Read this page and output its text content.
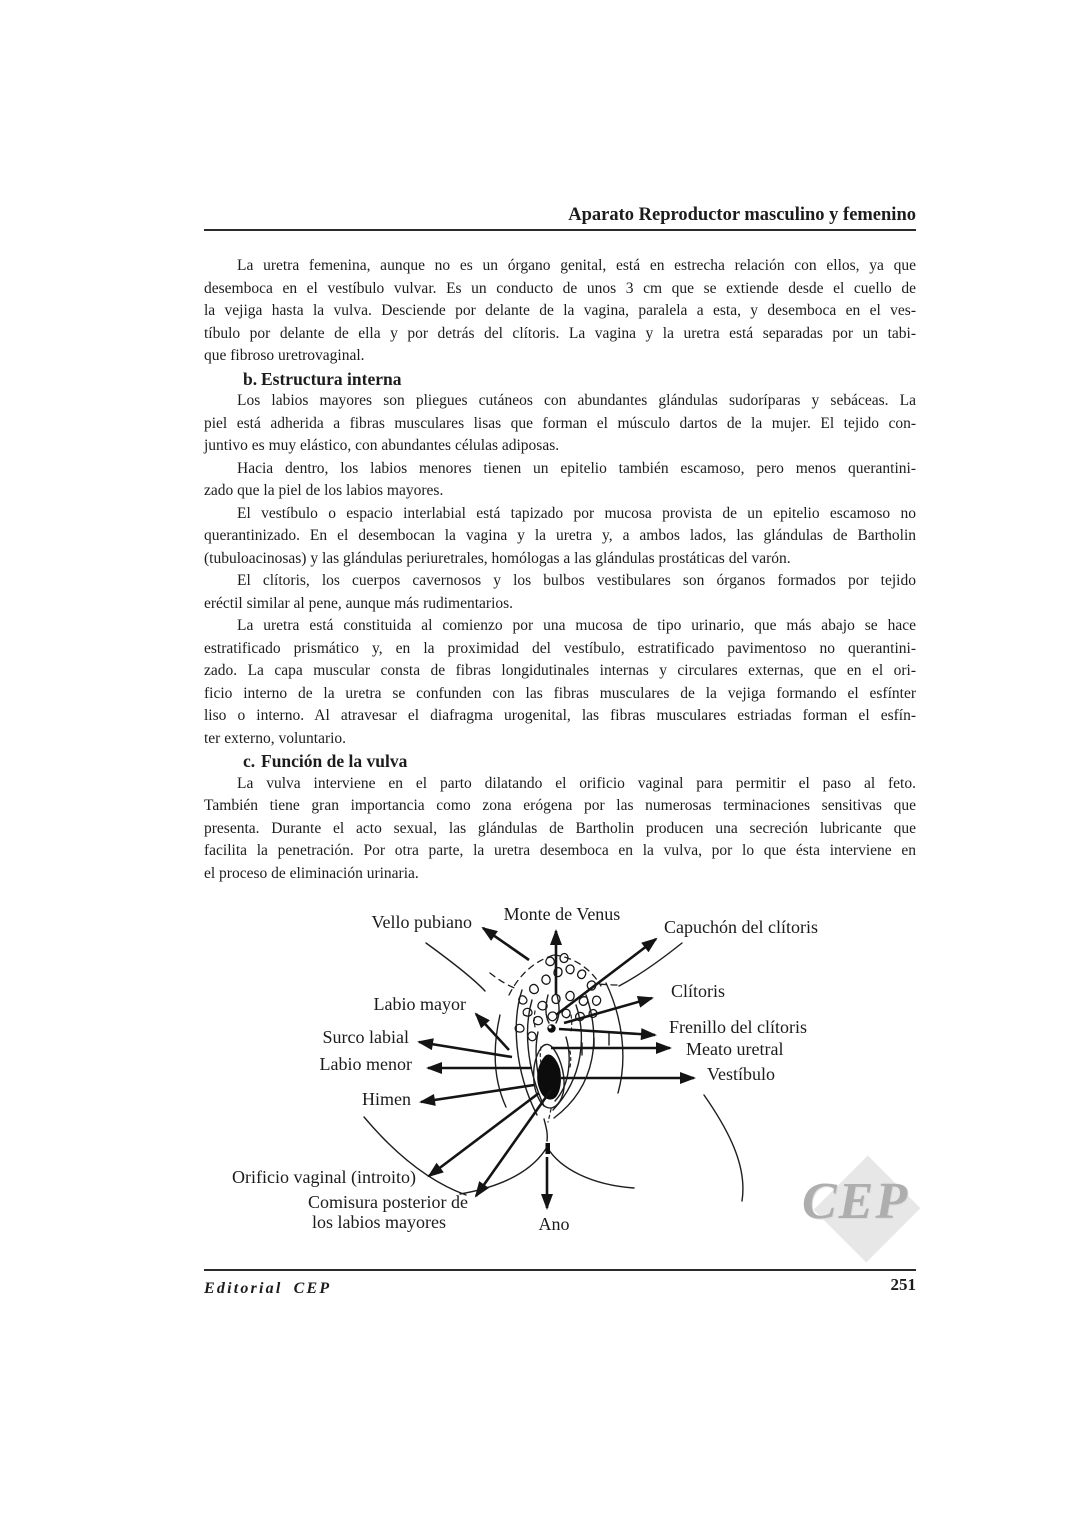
Aparato Reproductor masculino y femenino
La uretra femenina, aunque no es un órgano genital, está en estrecha relación con ellos, ya que
desemboca en el vestíbulo vulvar. Es un conducto de unos 3 cm que se extiende desde el cuello de
la vejiga hasta la vulva. Desciende por delante de la vagina, paralela a esta, y desemboca en el ves-
tíbulo por delante de ella y por detrás del clítoris. La vagina y la uretra está separadas por un tabi-
que fibroso uretrovaginal.
b. Estructura interna
Los labios mayores son pliegues cutáneos con abundantes glándulas sudoríparas y sebáceas. La
piel está adherida a fibras musculares lisas que forman el músculo dartos de la mujer. El tejido con-
juntivo es muy elástico, con abundantes células adiposas.
Hacia dentro, los labios menores tienen un epitelio también escamoso, pero menos querantini-
zado que la piel de los labios mayores.
El vestíbulo o espacio interlabial está tapizado por mucosa provista de un epitelio escamoso no
querantinizado. En el desembocan la vagina y la uretra y, a ambos lados, las glándulas de Bartholin
(tubuloacinosas) y las glándulas periuretrales, homólogas a las glándulas prostáticas del varón.
El clítoris, los cuerpos cavernosos y los bulbos vestibulares son órganos formados por tejido
eréctil similar al pene, aunque más rudimentarios.
La uretra está constituida al comienzo por una mucosa de tipo urinario, que más abajo se hace
estratificado prismático y, en la proximidad del vestíbulo, estratificado pavimentoso no querantini-
zado. La capa muscular consta de fibras longidutinales internas y circulares externas, que en el ori-
ficio interno de la uretra se confunden con las fibras musculares de la vejiga formando el esfínter
liso o interno. Al atravesar el diafragma urogenital, las fibras musculares estriadas forman el esfín-
ter externo, voluntario.
c. Función de la vulva
La vulva interviene en el parto dilatando el orificio vaginal para permitir el paso al feto.
También tiene gran importancia como zona erógena por las numerosas terminaciones sensitivas que
presenta. Durante el acto sexual, las glándulas de Bartholin producen una secreción lubricante que
facilita la penetración. Por otra parte, la uretra desemboca en la vulva, por lo que ésta interviene en
el proceso de eliminación urinaria.
CEP
Monte de Venus
Vello pubiano	Capuchón del clítoris
Clítoris
Frenillo del clítoris
Meato uretral
Vestíbulo
Labio mayor
Surco labial
Labio menor
Himen
Orificio vaginal (introito)
Comisura posterior de
los labios mayores	Ano
Editorial CEP	251
